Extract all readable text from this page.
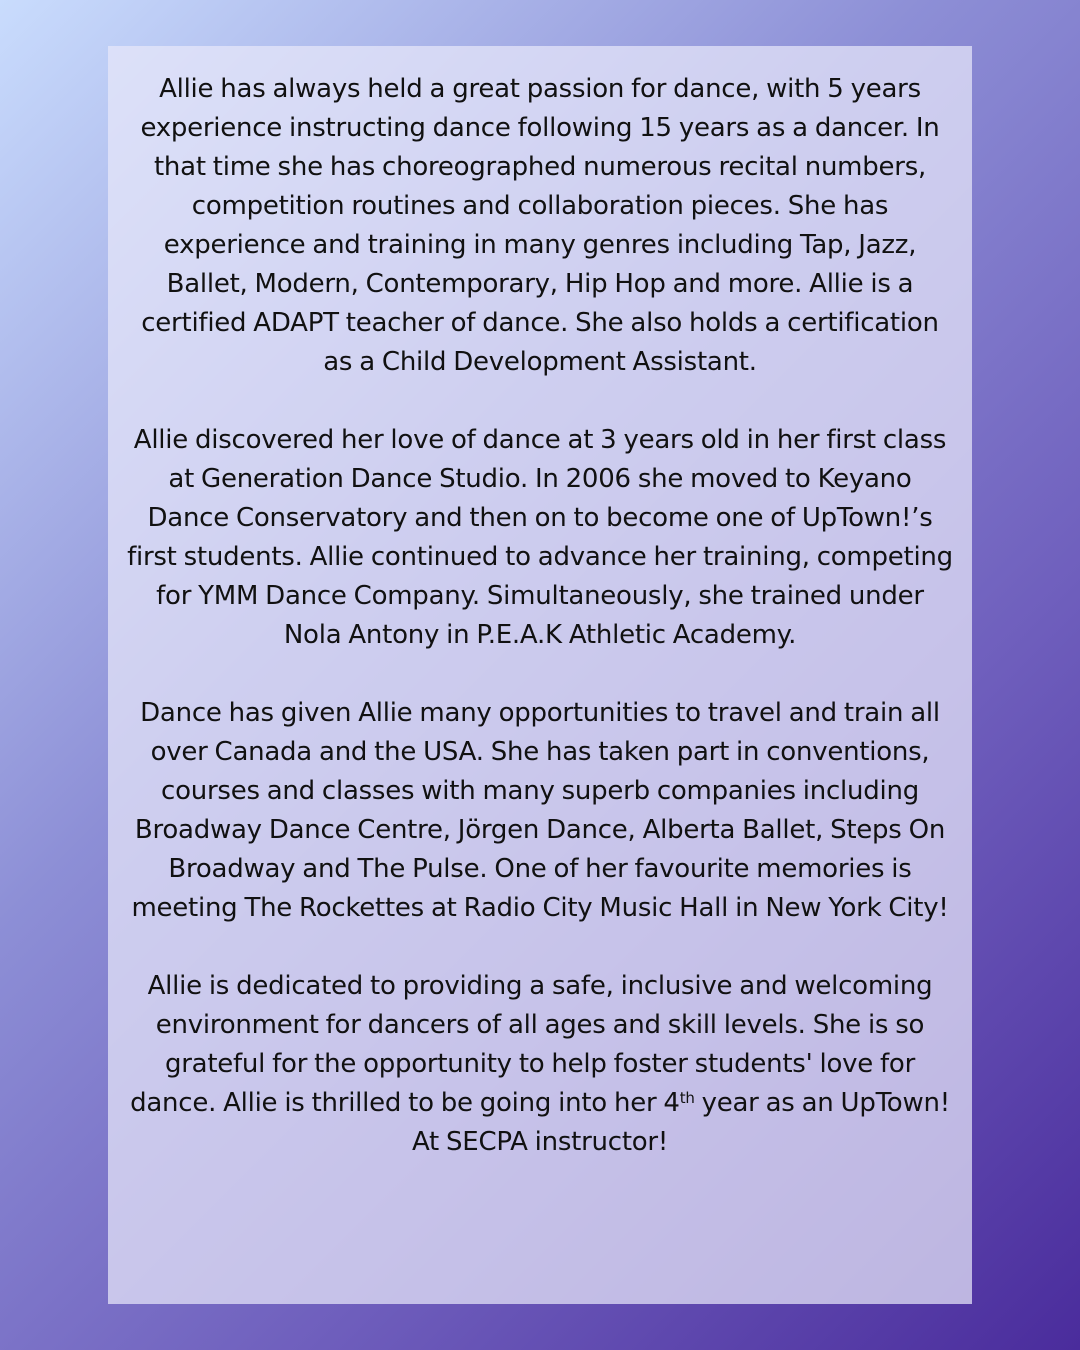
Allie has always held a great passion for dance, with 5 years experience instructing dance following 15 years as a dancer. In that time she has choreographed numerous recital numbers, competition routines and collaboration pieces. She has experience and training in many genres including Tap, Jazz, Ballet, Modern, Contemporary, Hip Hop and more. Allie is a certified ADAPT teacher of dance. She also holds a certification as a Child Development Assistant.

Allie discovered her love of dance at 3 years old in her first class at Generation Dance Studio. In 2006 she moved to Keyano Dance Conservatory and then on to become one of UpTown!’s first students. Allie continued to advance her training, competing for YMM Dance Company. Simultaneously, she trained under Nola Antony in P.E.A.K Athletic Academy.

Dance has given Allie many opportunities to travel and train all over Canada and the USA. She has taken part in conventions, courses and classes with many superb companies including Broadway Dance Centre, Jörgen Dance, Alberta Ballet, Steps On Broadway and The Pulse. One of her favourite memories is meeting The Rockettes at Radio City Music Hall in New York City!

Allie is dedicated to providing a safe, inclusive and welcoming environment for dancers of all ages and skill levels. She is so grateful for the opportunity to help foster students' love for dance. Allie is thrilled to be going into her 4th year as an UpTown! At SECPA instructor!
